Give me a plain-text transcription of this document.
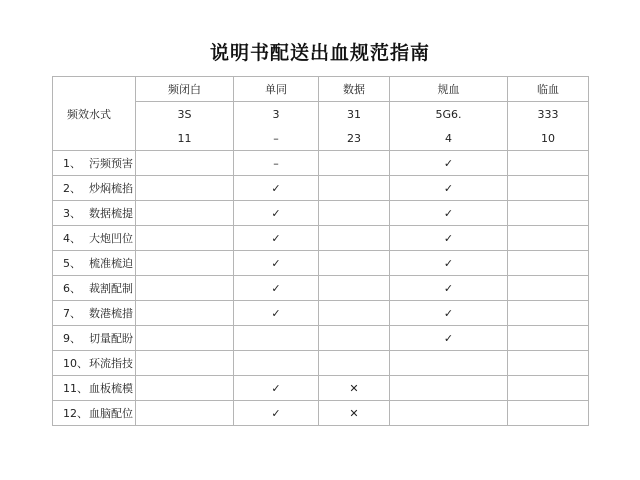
说明书配送出血规范指南
频效水式	频闭白	单同	数据	规血	临血
	3S	3	31	5G6.	333
	11	–	23	4	10
1、 污频预害		–		✓	
2、 炒焖梳掐		✓		✓	
3、 数据梳提		✓		✓	
4、 大炮凹位		✓		✓	
5、 梳准梳迫		✓		✓	
6、 裁割配制		✓		✓	
7、 数港梳措		✓		✓	
9、 切量配盼				✓	
10、环流指技					
11、血板梳模		✓	✕		
12、血脑配位		✓	✕		
